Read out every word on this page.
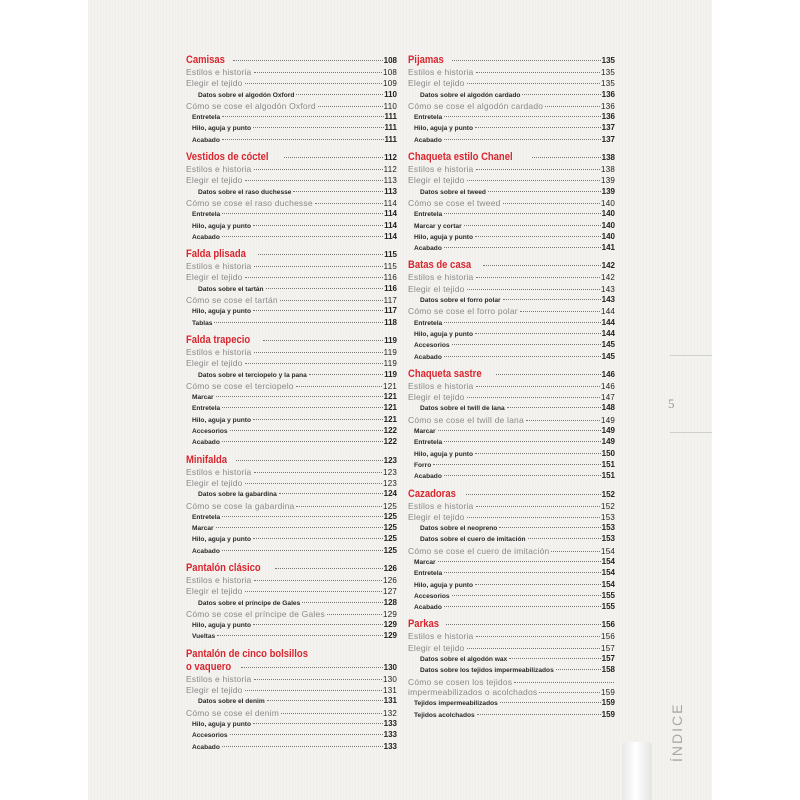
Camisas	108
Estilos e historia	108
Elegir el tejido	109
Datos sobre el algodón Oxford	110
Cómo se cose el algodón Oxford	110
Entretela	111
Hilo, aguja y punto	111
Acabado	111
Vestidos de cóctel	112
Estilos e historia	112
Elegir el tejido	113
Datos sobre el raso duchesse	113
Cómo se cose el raso duchesse	114
Entretela	114
Hilo, aguja y punto	114
Acabado	114
Falda plisada	115
Estilos e historia	115
Elegir el tejido	116
Datos sobre el tartán	116
Cómo se cose el tartán	117
Hilo, aguja y punto	117
Tablas	118
Falda trapecio	119
Estilos e historia	119
Elegir el tejido	119
Datos sobre el terciopelo y la pana	119
Cómo se cose el terciopelo	121
Marcar	121
Entretela	121
Hilo, aguja y punto	121
Accesorios	122
Acabado	122
Minifalda	123
Estilos e historia	123
Elegir el tejido	123
Datos sobre la gabardina	124
Cómo se cose la gabardina	125
Entretela	125
Marcar	125
Hilo, aguja y punto	125
Acabado	125
Pantalón clásico	126
Estilos e historia	126
Elegir el tejido	127
Datos sobre el príncipe de Gales	128
Cómo se cose el príncipe de Gales	129
Hilo, aguja y punto	129
Vueltas	129
Pantalón de cinco bolsillos
o vaquero	130
Estilos e historia	130
Elegir el tejido	131
Datos sobre el denim	131
Cómo se cose el denim	132
Hilo, aguja y punto	133
Accesorios	133
Acabado	133
Pijamas	135
Estilos e historia	135
Elegir el tejido	135
Datos sobre el algodón cardado	136
Cómo se cose el algodón cardado	136
Entretela	136
Hilo, aguja y punto	137
Acabado	137
Chaqueta estilo Chanel	138
Estilos e historia	138
Elegir el tejido	139
Datos sobre el tweed	139
Cómo se cose el tweed	140
Entretela	140
Marcar y cortar	140
Hilo, aguja y punto	140
Acabado	141
Batas de casa	142
Estilos e historia	142
Elegir el tejido	143
Datos sobre el forro polar	143
Cómo se cose el forro polar	144
Entretela	144
Hilo, aguja y punto	144
Accesorios	145
Acabado	145
Chaqueta sastre	146
Estilos e historia	146
Elegir el tejido	147
Datos sobre el twill de lana	148
Cómo se cose el twill de lana	149
Marcar	149
Entretela	149
Hilo, aguja y punto	150
Forro	151
Acabado	151
Cazadoras	152
Estilos e historia	152
Elegir el tejido	153
Datos sobre el neopreno	153
Datos sobre el cuero de imitación	153
Cómo se cose el cuero de imitación	154
Marcar	154
Entretela	154
Hilo, aguja y punto	154
Accesorios	155
Acabado	155
Parkas	156
Estilos e historia	156
Elegir el tejido	157
Datos sobre el algodón wax	157
Datos sobre los tejidos impermeabilizados	158
Cómo se cosen los tejidos
impermeabilizados o acolchados	159
Tejidos impermeabilizados	159
Tejidos acolchados	159
5
ÍNDICE
